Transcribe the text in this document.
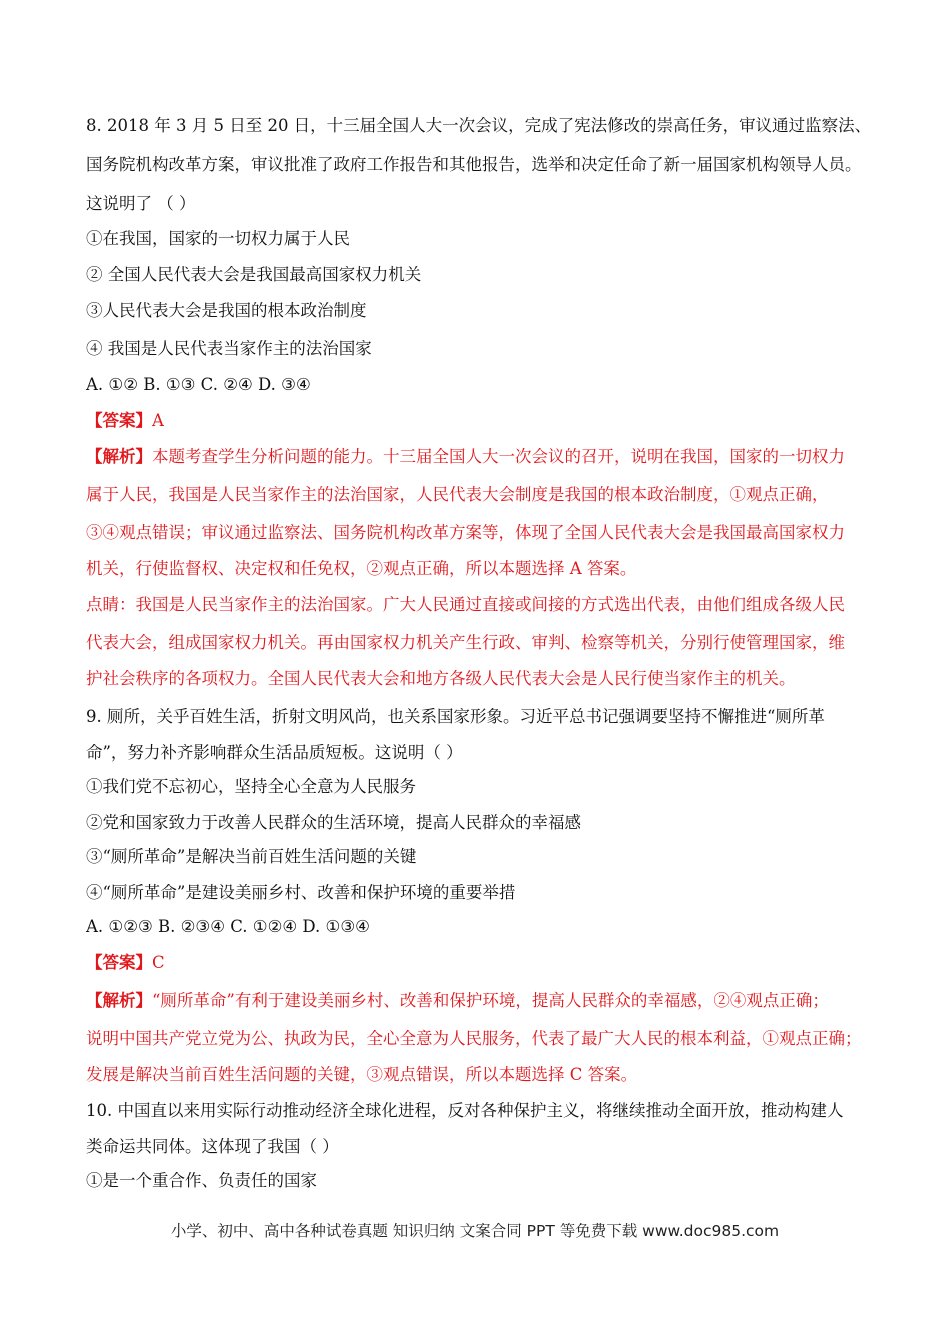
8. 2018 年 3 月 5 日至 20 日，十三届全国人大一次会议，完成了宪法修改的崇高任务，审议通过监察法、
国务院机构改革方案，审议批准了政府工作报告和其他报告，选举和决定任命了新一届国家机构领导人员。
这说明了 （ ）
①在我国，国家的一切权力属于人民
② 全国人民代表大会是我国最高国家权力机关
③人民代表大会是我国的根本政治制度
④ 我国是人民代表当家作主的法治国家
A. ①② B. ①③ C. ②④ D. ③④
【答案】A
【解析】本题考查学生分析问题的能力。十三届全国人大一次会议的召开，说明在我国，国家的一切权力
属于人民，我国是人民当家作主的法治国家，人民代表大会制度是我国的根本政治制度，①观点正确，
③④观点错误；审议通过监察法、国务院机构改革方案等，体现了全国人民代表大会是我国最高国家权力
机关，行使监督权、决定权和任免权，②观点正确，所以本题选择 A 答案。
点睛：我国是人民当家作主的法治国家。广大人民通过直接或间接的方式选出代表，由他们组成各级人民
代表大会，组成国家权力机关。再由国家权力机关产生行政、审判、检察等机关，分别行使管理国家，维
护社会秩序的各项权力。全国人民代表大会和地方各级人民代表大会是人民行使当家作主的机关。
9. 厕所，关乎百姓生活，折射文明风尚，也关系国家形象。习近平总书记强调要坚持不懈推进“厕所革
命”，努力补齐影响群众生活品质短板。这说明（ ）
①我们党不忘初心，坚持全心全意为人民服务
②党和国家致力于改善人民群众的生活环境，提高人民群众的幸福感
③“厕所革命”是解决当前百姓生活问题的关键
④“厕所革命”是建设美丽乡村、改善和保护环境的重要举措
A. ①②③ B. ②③④ C. ①②④ D. ①③④
【答案】C
【解析】“厕所革命”有利于建设美丽乡村、改善和保护环境，提高人民群众的幸福感，②④观点正确；
说明中国共产党立党为公、执政为民，全心全意为人民服务，代表了最广大人民的根本利益，①观点正确；
发展是解决当前百姓生活问题的关键，③观点错误，所以本题选择 C 答案。
10. 中国直以来用实际行动推动经济全球化进程，反对各种保护主义，将继续推动全面开放，推动构建人
类命运共同体。这体现了我国（ ）
①是一个重合作、负责任的国家
小学、初中、高中各种试卷真题 知识归纳 文案合同 PPT 等免费下载 www.doc985.com
